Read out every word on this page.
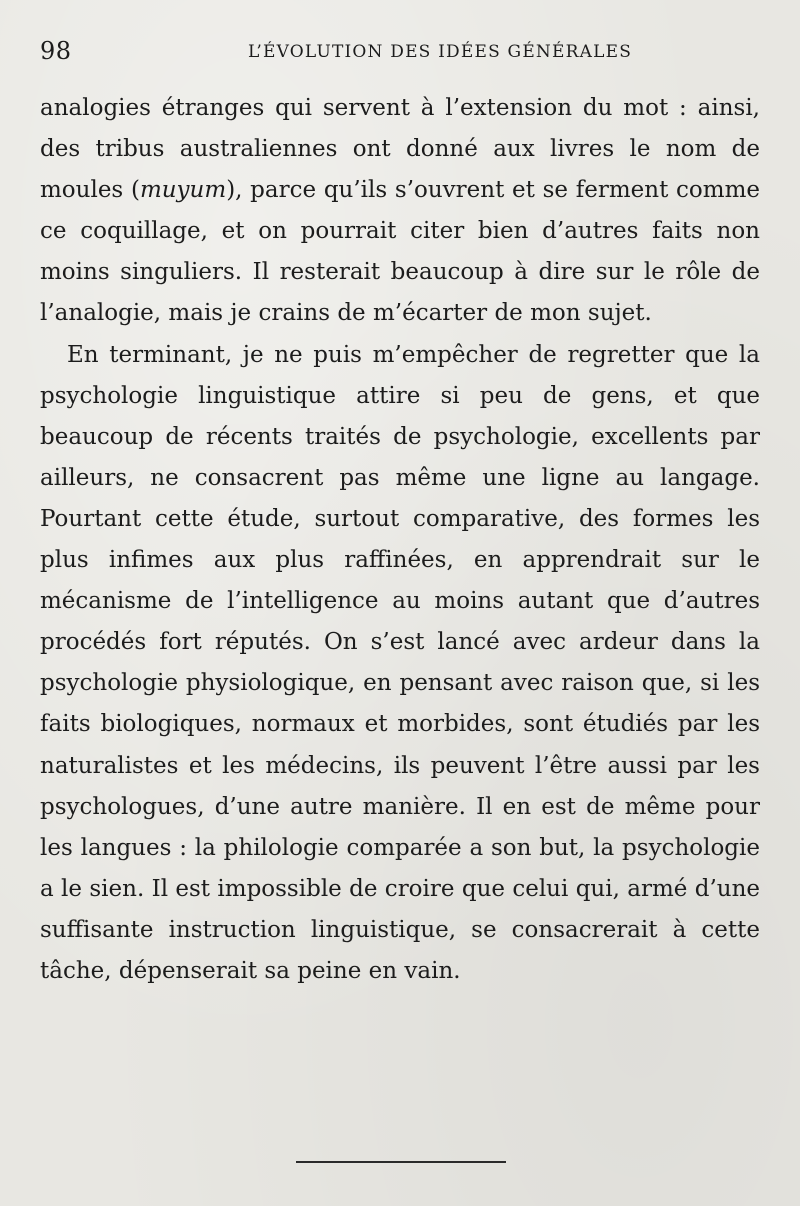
98	L’ÉVOLUTION DES IDÉES GÉNÉRALES

analogies étranges qui servent à l’extension du mot : ainsi, des tribus australiennes ont donné aux livres le nom de moules (muyum), parce qu’ils s’ouvrent et se ferment comme ce coquillage, et on pourrait citer bien d’autres faits non moins singuliers. Il resterait beaucoup à dire sur le rôle de l’analogie, mais je crains de m’écarter de mon sujet.

En terminant, je ne puis m’empêcher de regretter que la psychologie linguistique attire si peu de gens, et que beaucoup de récents traités de psychologie, excellents par ailleurs, ne consacrent pas même une ligne au langage. Pourtant cette étude, surtout comparative, des formes les plus infimes aux plus raffinées, en apprendrait sur le mécanisme de l’intelligence au moins autant que d’autres procédés fort réputés. On s’est lancé avec ardeur dans la psychologie physiologique, en pensant avec raison que, si les faits biologiques, normaux et morbides, sont étudiés par les naturalistes et les médecins, ils peuvent l’être aussi par les psychologues, d’une autre manière. Il en est de même pour les langues : la philologie comparée a son but, la psychologie a le sien. Il est impossible de croire que celui qui, armé d’une suffisante instruction linguistique, se consacrerait à cette tâche, dépenserait sa peine en vain.
